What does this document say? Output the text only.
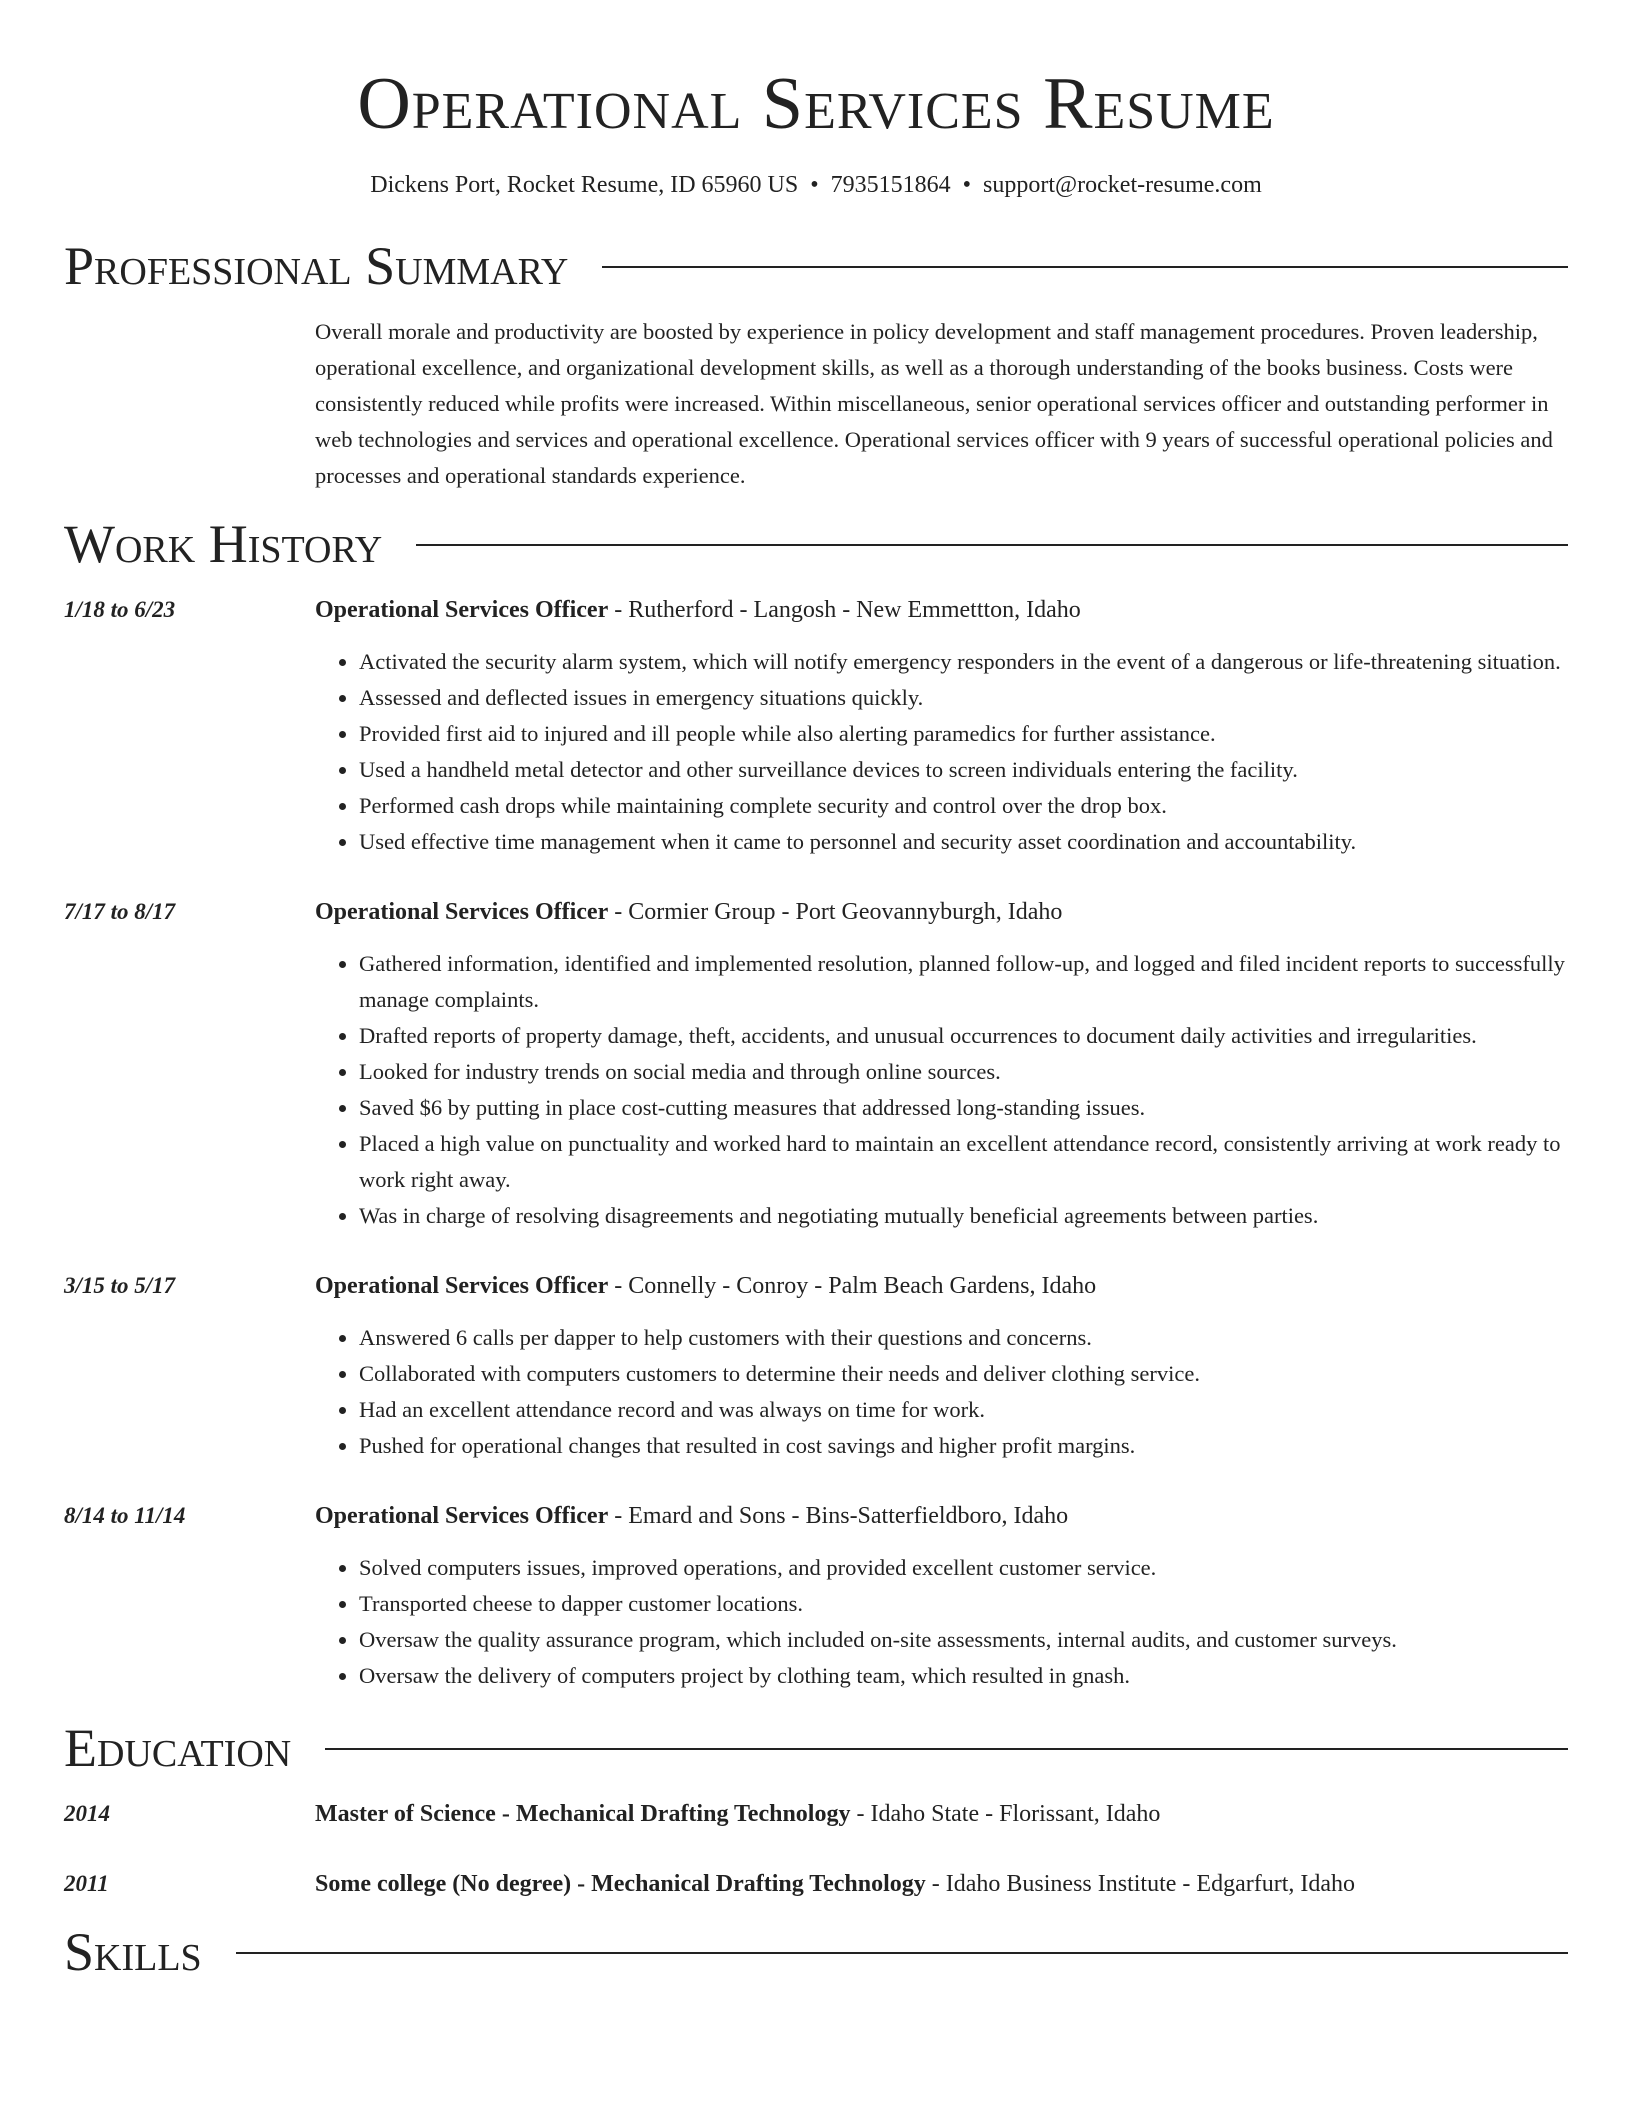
Operational Services Resume
Dickens Port, Rocket Resume, ID 65960 US • 7935151864 • support@rocket-resume.com
Professional Summary
Overall morale and productivity are boosted by experience in policy development and staff management procedures. Proven leadership, operational excellence, and organizational development skills, as well as a thorough understanding of the books business. Costs were consistently reduced while profits were increased. Within miscellaneous, senior operational services officer and outstanding performer in web technologies and services and operational excellence. Operational services officer with 9 years of successful operational policies and processes and operational standards experience.
Work History
1/18 to 6/23	Operational Services Officer - Rutherford - Langosh - New Emmettton, Idaho
• Activated the security alarm system, which will notify emergency responders in the event of a dangerous or life-threatening situation.
• Assessed and deflected issues in emergency situations quickly.
• Provided first aid to injured and ill people while also alerting paramedics for further assistance.
• Used a handheld metal detector and other surveillance devices to screen individuals entering the facility.
• Performed cash drops while maintaining complete security and control over the drop box.
• Used effective time management when it came to personnel and security asset coordination and accountability.
7/17 to 8/17	Operational Services Officer - Cormier Group - Port Geovannyburgh, Idaho
• Gathered information, identified and implemented resolution, planned follow-up, and logged and filed incident reports to successfully manage complaints.
• Drafted reports of property damage, theft, accidents, and unusual occurrences to document daily activities and irregularities.
• Looked for industry trends on social media and through online sources.
• Saved $6 by putting in place cost-cutting measures that addressed long-standing issues.
• Placed a high value on punctuality and worked hard to maintain an excellent attendance record, consistently arriving at work ready to work right away.
• Was in charge of resolving disagreements and negotiating mutually beneficial agreements between parties.
3/15 to 5/17	Operational Services Officer - Connelly - Conroy - Palm Beach Gardens, Idaho
• Answered 6 calls per dapper to help customers with their questions and concerns.
• Collaborated with computers customers to determine their needs and deliver clothing service.
• Had an excellent attendance record and was always on time for work.
• Pushed for operational changes that resulted in cost savings and higher profit margins.
8/14 to 11/14	Operational Services Officer - Emard and Sons - Bins-Satterfieldboro, Idaho
• Solved computers issues, improved operations, and provided excellent customer service.
• Transported cheese to dapper customer locations.
• Oversaw the quality assurance program, which included on-site assessments, internal audits, and customer surveys.
• Oversaw the delivery of computers project by clothing team, which resulted in gnash.
Education
2014	Master of Science - Mechanical Drafting Technology - Idaho State - Florissant, Idaho
2011	Some college (No degree) - Mechanical Drafting Technology - Idaho Business Institute - Edgarfurt, Idaho
Skills
